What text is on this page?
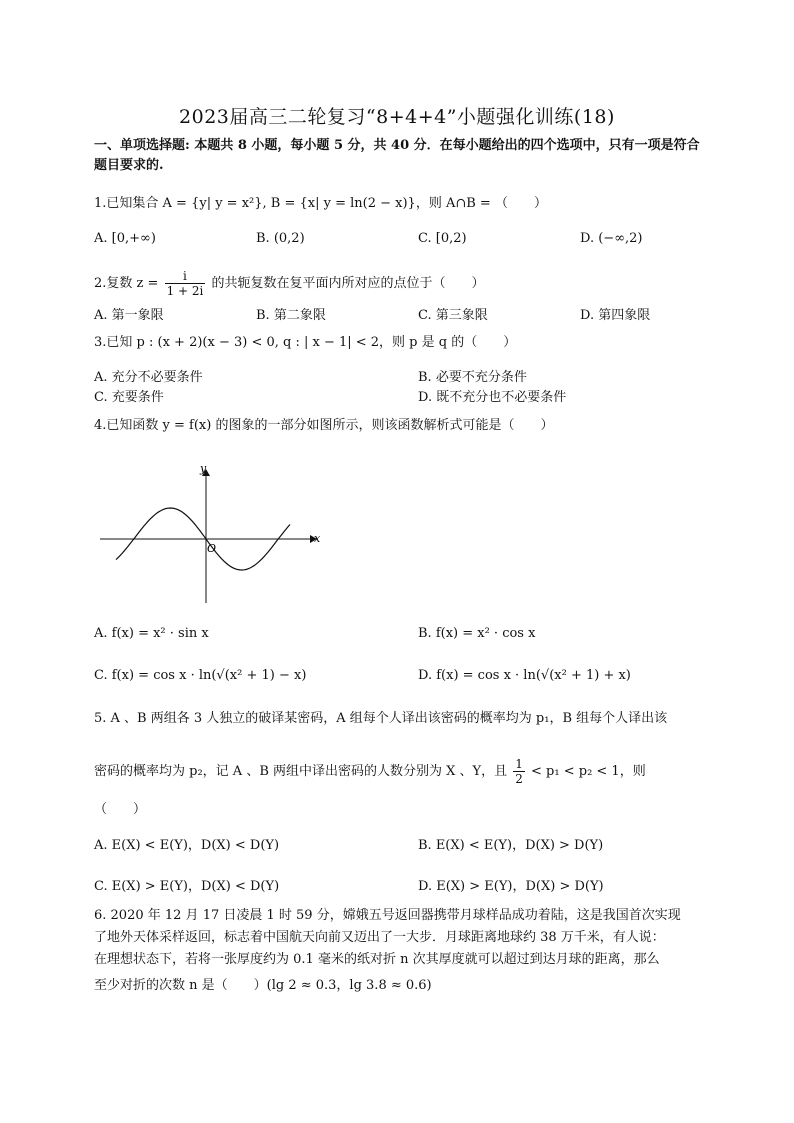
2023届高三二轮复习“8+4+4”小题强化训练(18)
一、单项选择题: 本题共 8 小题，每小题 5 分，共 40 分．在每小题给出的四个选项中，只有一项是符合题目要求的.
1.已知集合 A = {y| y = x²}, B = {x| y = ln(2 − x)}，则 A∩B = （　　）
A. [0,+∞)	B. (0,2)	C. [0,2)	D. (−∞,2)
2.复数 $z = \frac{i}{1 + 2i}$ 的共轭复数在复平面内所对应的点位于（　　）
A. 第一象限	B. 第二象限	C. 第三象限	D. 第四象限
3.已知 p : (x + 2)(x − 3) < 0, q : | x − 1| < 2，则 p 是 q 的（　　）
A. 充分不必要条件	B. 必要不充分条件
C. 充要条件	D. 既不充分也不必要条件
4.已知函数 y = f(x) 的图象的一部分如图所示，则该函数解析式可能是（　　）
y
x
O
A. f(x) = x² · sin x	B. f(x) = x² · cos x
C. f(x) = cos x · ln(√(x² + 1) − x)	D. f(x) = cos x · ln(√(x² + 1) + x)
5. A 、B 两组各 3 人独立的破译某密码，A 组每个人译出该密码的概率均为 p₁，B 组每个人译出该
密码的概率均为 p₂，记 A 、B 两组中译出密码的人数分别为 X 、Y，且 $\frac{1}{2} < p_1 < p_2 < 1$，则
（　　）
A. E(X) < E(Y)，D(X) < D(Y)	B. E(X) < E(Y)，D(X) > D(Y)
C. E(X) > E(Y)，D(X) < D(Y)	D. E(X) > E(Y)，D(X) > D(Y)
6. 2020 年 12 月 17 日凌晨 1 时 59 分，嫦娥五号返回器携带月球样品成功着陆，这是我国首次实现
了地外天体采样返回，标志着中国航天向前又迈出了一大步．月球距离地球约 38 万千米，有人说：
在理想状态下，若将一张厚度约为 0.1 毫米的纸对折 n 次其厚度就可以超过到达月球的距离，那么
至少对折的次数 n 是（　　）(lg 2 ≈ 0.3，lg 3.8 ≈ 0.6)
